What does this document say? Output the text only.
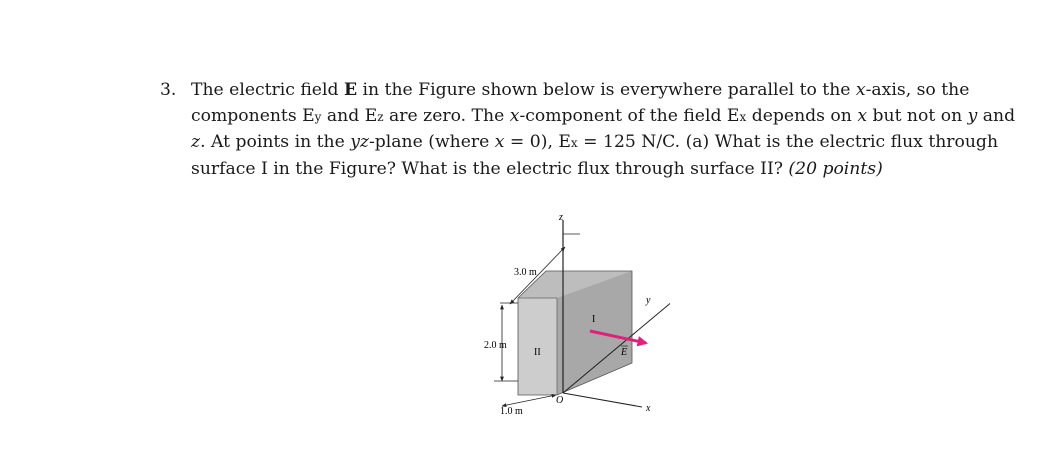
3. The electric field E in the Figure shown below is everywhere parallel to the x-axis, so the components Ey and Ez are zero. The x-component of the field Ex depends on x but not on y and z. At points in the yz-plane (where x = 0), Ex = 125 N/C. (a) What is the electric flux through surface I in the Figure? What is the electric flux through surface II? (20 points)
z
y
x
O
3.0 m
2.0 m
1.0 m
I
II	E
